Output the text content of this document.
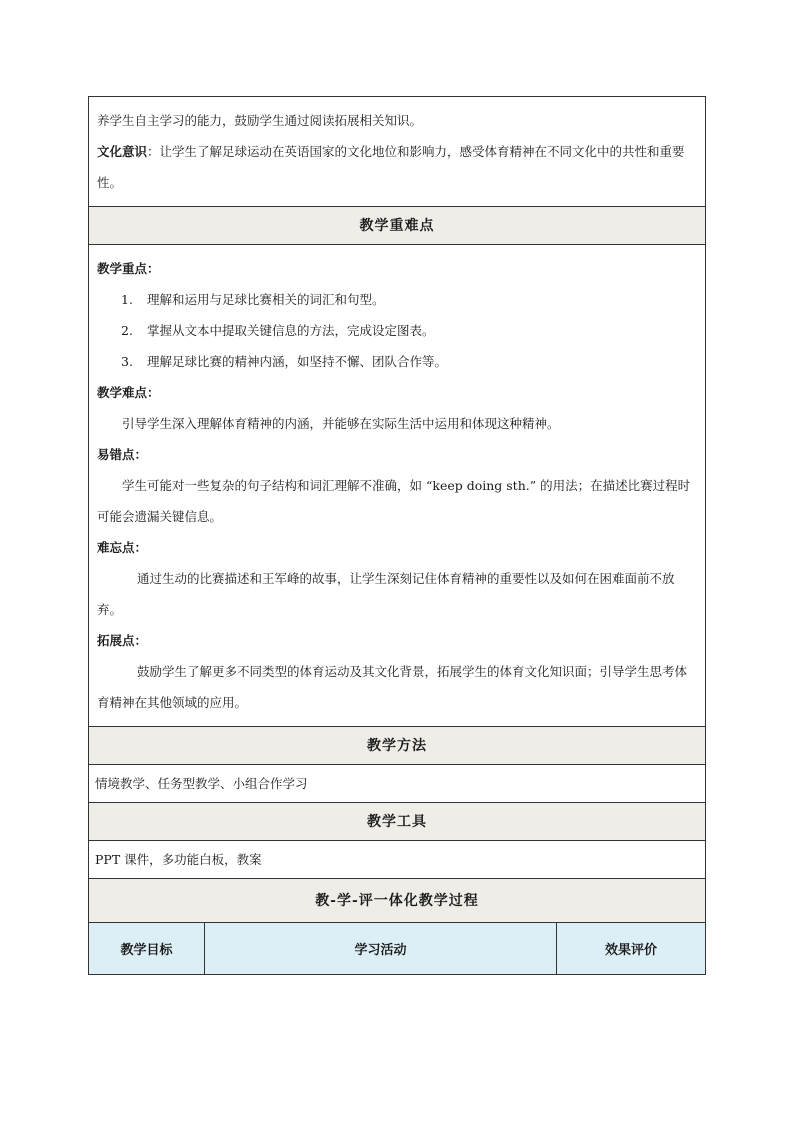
养学生自主学习的能力，鼓励学生通过阅读拓展相关知识。

文化意识：让学生了解足球运动在英语国家的文化地位和影响力，感受体育精神在不同文化中的共性和重要性。

教学重难点

教学重点：

1. 理解和运用与足球比赛相关的词汇和句型。

2. 掌握从文本中提取关键信息的方法，完成设定图表。

3. 理解足球比赛的精神内涵，如坚持不懈、团队合作等。

教学难点：

引导学生深入理解体育精神的内涵，并能够在实际生活中运用和体现这种精神。

易错点：

学生可能对一些复杂的句子结构和词汇理解不准确，如 “keep doing sth.” 的用法；在描述比赛过程时可能会遗漏关键信息。

难忘点：

通过生动的比赛描述和王军峰的故事，让学生深刻记住体育精神的重要性以及如何在困难面前不放弃。

拓展点：

鼓励学生了解更多不同类型的体育运动及其文化背景，拓展学生的体育文化知识面；引导学生思考体育精神在其他领域的应用。

教学方法
情境教学、任务型教学、小组合作学习
教学工具
PPT 课件，多功能白板，教案
教-学-评一体化教学过程
教学目标	学习活动	效果评价
